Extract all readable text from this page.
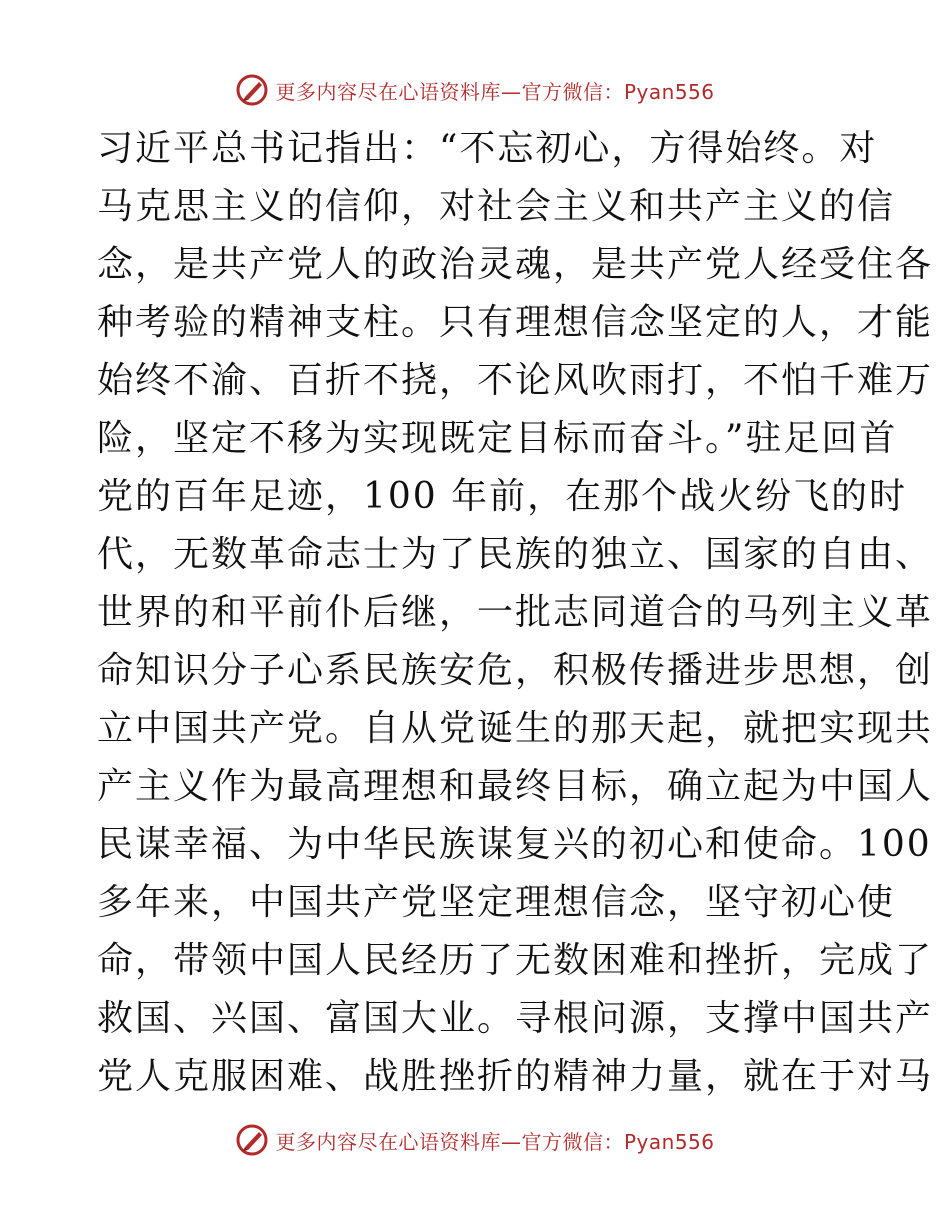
更多内容尽在心语资料库—官方微信：Pyan556
习近平总书记指出：“不忘初心，方得始终。对
马克思主义的信仰，对社会主义和共产主义的信
念，是共产党人的政治灵魂，是共产党人经受住各
种考验的精神支柱。只有理想信念坚定的人，才能
始终不渝、百折不挠，不论风吹雨打，不怕千难万
险，坚定不移为实现既定目标而奋斗。”驻足回首
党的百年足迹，100 年前，在那个战火纷飞的时
代，无数革命志士为了民族的独立、国家的自由、
世界的和平前仆后继，一批志同道合的马列主义革
命知识分子心系民族安危，积极传播进步思想，创
立中国共产党。自从党诞生的那天起，就把实现共
产主义作为最高理想和最终目标，确立起为中国人
民谋幸福、为中华民族谋复兴的初心和使命。100
多年来，中国共产党坚定理想信念，坚守初心使
命，带领中国人民经历了无数困难和挫折，完成了
救国、兴国、富国大业。寻根问源，支撑中国共产
党人克服困难、战胜挫折的精神力量，就在于对马
更多内容尽在心语资料库—官方微信：Pyan556
